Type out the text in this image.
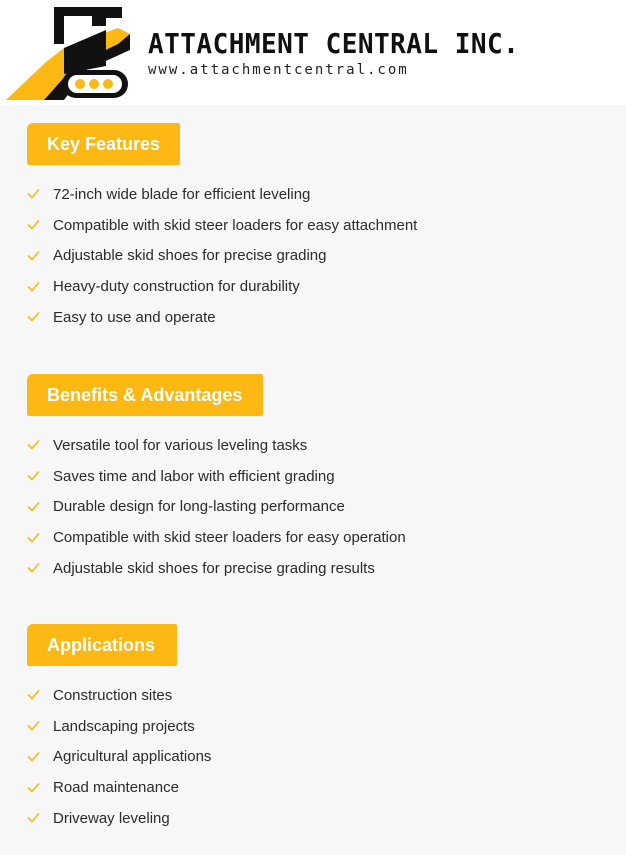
ATTACHMENT CENTRAL INC.
www.attachmentcentral.com
Key Features
72-inch wide blade for efficient leveling
Compatible with skid steer loaders for easy attachment
Adjustable skid shoes for precise grading
Heavy-duty construction for durability
Easy to use and operate
Benefits & Advantages
Versatile tool for various leveling tasks
Saves time and labor with efficient grading
Durable design for long-lasting performance
Compatible with skid steer loaders for easy operation
Adjustable skid shoes for precise grading results
Applications
Construction sites
Landscaping projects
Agricultural applications
Road maintenance
Driveway leveling
